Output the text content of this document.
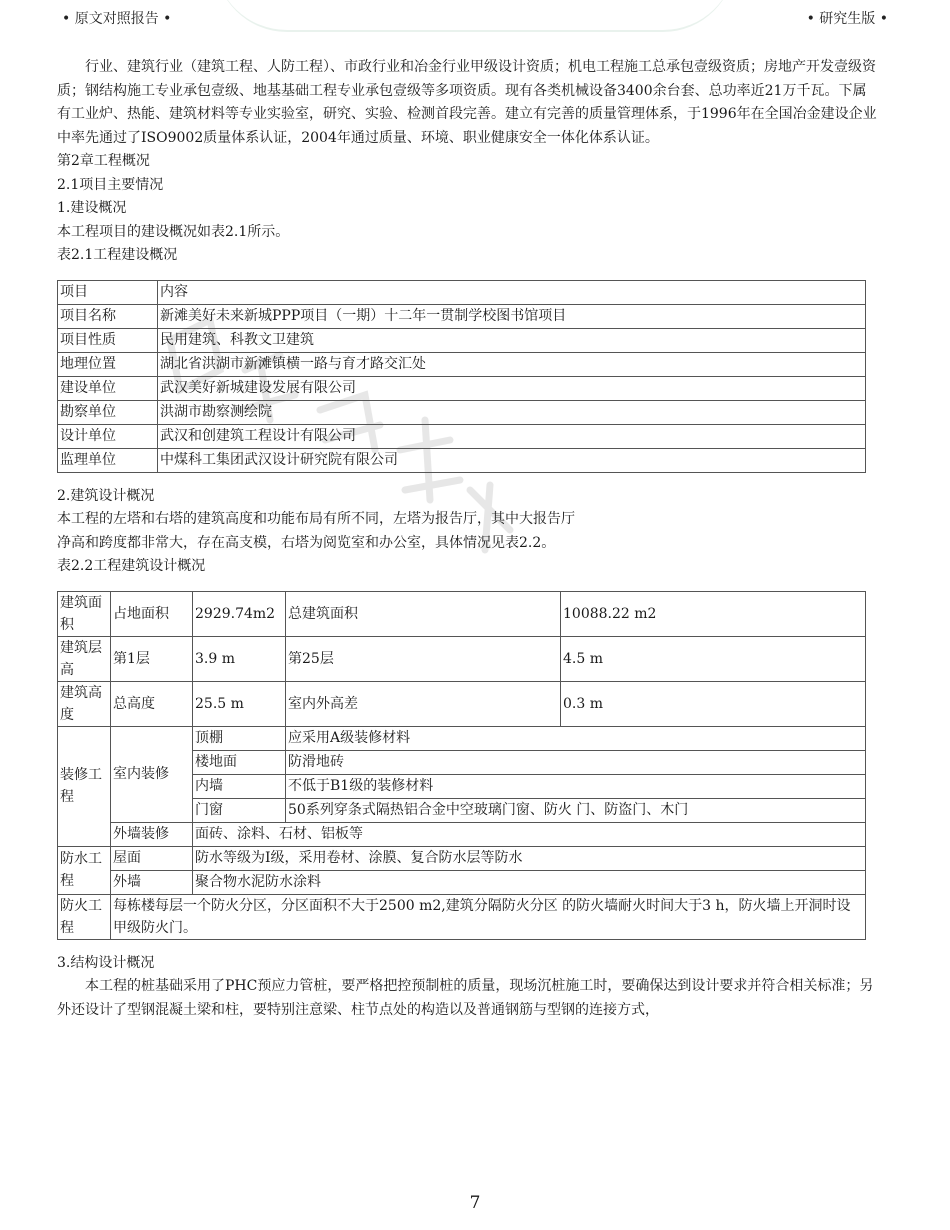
• 原文对照报告 •	• 研究生版 •

行业、建筑行业（建筑工程、人防工程）、市政行业和冶金行业甲级设计资质；机电工程施工总承包壹级资质；房地产开发壹级资质；钢结构施工专业承包壹级、地基基础工程专业承包壹级等多项资质。现有各类机械设备3400余台套、总功率近21万千瓦。下属有工业炉、热能、建筑材料等专业实验室，研究、实验、检测首段完善。建立有完善的质量管理体系，于1996年在全国冶金建设企业中率先通过了ISO9002质量体系认证，2004年通过质量、环境、职业健康安全一体化体系认证。

第2章工程概况

2.1项目主要情况

1.建设概况

本工程项目的建设概况如表2.1所示。

表2.1工程建设概况

项目	内容
项目名称	新滩美好未来新城PPP项目（一期）十二年一贯制学校图书馆项目
项目性质	民用建筑、科教文卫建筑
地理位置	湖北省洪湖市新滩镇横一路与育才路交汇处
建设单位	武汉美好新城建设发展有限公司
勘察单位	洪湖市勘察测绘院
设计单位	武汉和创建筑工程设计有限公司
监理单位	中煤科工集团武汉设计研究院有限公司

2.建筑设计概况

本工程的左塔和右塔的建筑高度和功能布局有所不同，左塔为报告厅，其中大报告厅

净高和跨度都非常大，存在高支模，右塔为阅览室和办公室，具体情况见表2.2。

表2.2工程建筑设计概况

建筑面积	占地面积	2929.74m2	总建筑面积	10088.22 m2
建筑层高	第1层	3.9 m	第25层	4.5 m
建筑高度	总高度	25.5 m	室内外高差	0.3 m
装修工程	室内装修	顶棚	应采用A级装修材料	
		楼地面	防滑地砖	
		内墙	不低于B1级的装修材料	
		门窗	50系列穿条式隔热铝合金中空玻璃门窗、防火 门、防盗门、木门	
	外墙装修	面砖、涂料、石材、铝板等		
防水工程	屋面	防水等级为I级，采用卷材、涂膜、复合防水层等防水		
	外墙	聚合物水泥防水涂料		
防火工程	每栋楼每层一个防火分区，分区面积不大于2500 m2,建筑分隔防火分区 的防火墙耐火时间大于3 h，防火墙上开洞时设甲级防火门。			

3.结构设计概况

本工程的桩基础采用了PHC预应力管桩，要严格把控预制桩的质量，现场沉桩施工时，要确保达到设计要求并符合相关标准；另外还设计了型钢混凝土梁和柱，要特别注意梁、柱节点处的构造以及普通钢筋与型钢的连接方式，

7
